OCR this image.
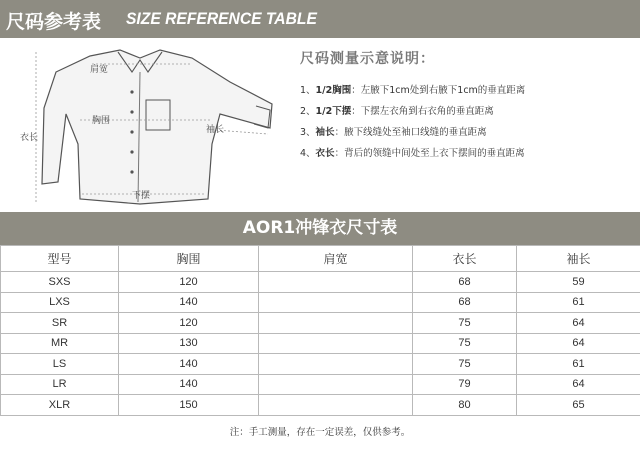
尺码参考表 SIZE REFERENCE TABLE
肩宽
胸围
衣长
袖长
下摆
尺码测量示意说明：
1、1/2胸围：左腋下1cm处到右腋下1cm的垂直距离
2、1/2下摆：下摆左衣角到右衣角的垂直距离
3、袖长：腋下线缝处至袖口线缝的垂直距离
4、衣长：背后的领缝中间处至上衣下摆间的垂直距离
AOR1冲锋衣尺寸表
型号	胸围	肩宽	衣长	袖长
SXS	120		68	59
LXS	140		68	61
SR	120		75	64
MR	130		75	64
LS	140		75	61
LR	140		79	64
XLR	150		80	65
注：手工测量，存在一定误差，仅供参考。
